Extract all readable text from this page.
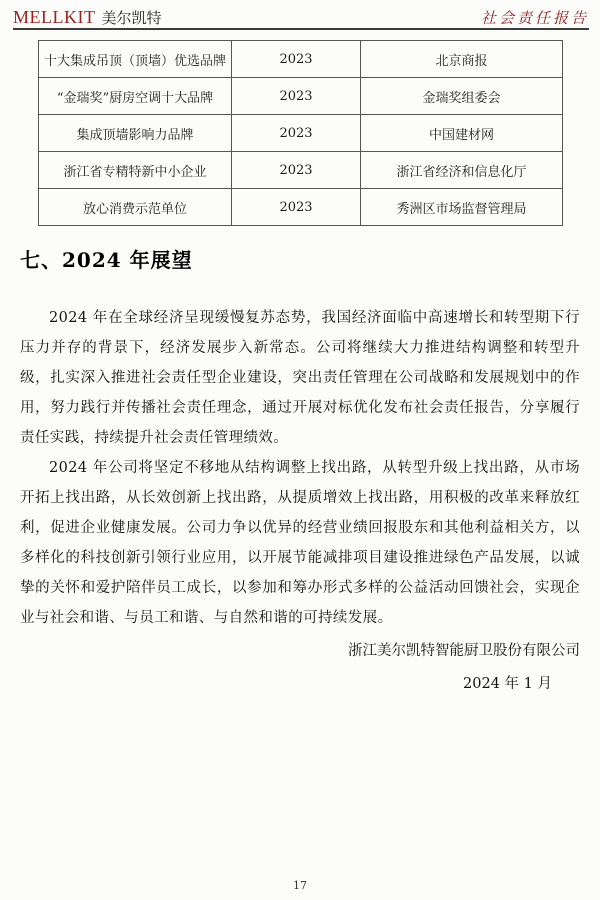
MELLKIT 美尔凯特	社会责任报告
十大集成吊顶（顶墙）优选品牌	2023	北京商报
“金瑞奖”厨房空调十大品牌	2023	金瑞奖组委会
集成顶墙影响力品牌	2023	中国建材网
浙江省专精特新中小企业	2023	浙江省经济和信息化厅
放心消费示范单位	2023	秀洲区市场监督管理局
七、2024 年展望

2024 年在全球经济呈现缓慢复苏态势，我国经济面临中高速增长和转型期下行压力并存的背景下，经济发展步入新常态。公司将继续大力推进结构调整和转型升级，扎实深入推进社会责任型企业建设，突出责任管理在公司战略和发展规划中的作用，努力践行并传播社会责任理念，通过开展对标优化发布社会责任报告，分享履行责任实践，持续提升社会责任管理绩效。

2024 年公司将坚定不移地从结构调整上找出路，从转型升级上找出路，从市场开拓上找出路，从长效创新上找出路，从提质增效上找出路，用积极的改革来释放红利，促进企业健康发展。公司力争以优异的经营业绩回报股东和其他利益相关方，以多样化的科技创新引领行业应用，以开展节能减排项目建设推进绿色产品发展，以诚挚的关怀和爱护陪伴员工成长，以参加和筹办形式多样的公益活动回馈社会，实现企业与社会和谐、与员工和谐、与自然和谐的可持续发展。

浙江美尔凯特智能厨卫股份有限公司
2024 年 1 月
17
